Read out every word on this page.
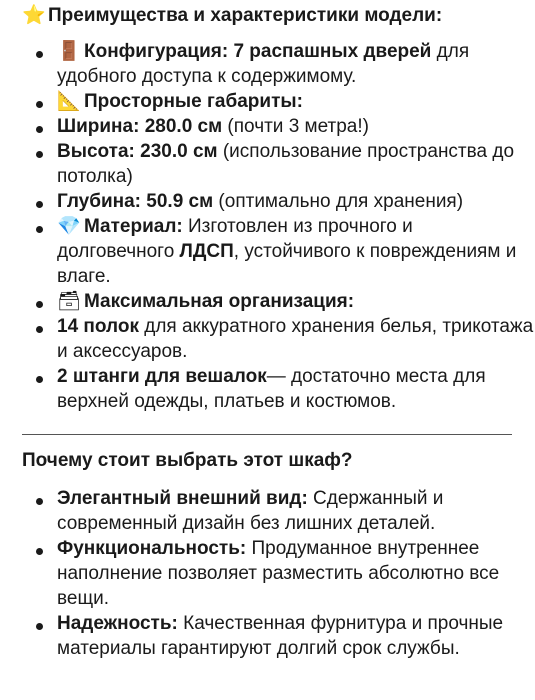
⭐ Преимущества и характеристики модели:
🚪 Конфигурация: 7 распашных дверей для удобного доступа к содержимому.
📐 Просторные габариты:
Ширина: 280.0 см (почти 3 метра!)
Высота: 230.0 см (использование пространства до потолка)
Глубина: 50.9 см (оптимально для хранения)
💎 Материал: Изготовлен из прочного и долговечного ЛДСП, устойчивого к повреждениям и влаге.
🗃 Максимальная организация:
14 полок для аккуратного хранения белья, трикотажа и аксессуаров.
2 штанги для вешалок— достаточно места для верхней одежды, платьев и костюмов.
Почему стоит выбрать этот шкаф?
Элегантный внешний вид: Сдержанный и современный дизайн без лишних деталей.
Функциональность: Продуманное внутреннее наполнение позволяет разместить абсолютно все вещи.
Надежность: Качественная фурнитура и прочные материалы гарантируют долгий срок службы.
